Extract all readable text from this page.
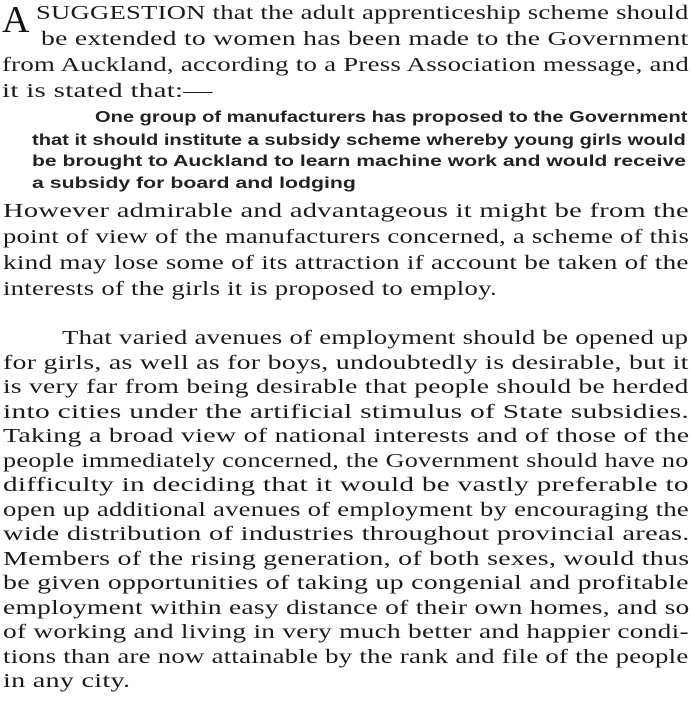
A SUGGESTION that the adult apprenticeship scheme should
be extended to women has been made to the Government
from Auckland, according to a Press Association message, and
it is stated that:—
One group of manufacturers has proposed to the Government
that it should institute a subsidy scheme whereby young girls would
be brought to Auckland to learn machine work and would receive
a subsidy for board and lodging
However admirable and advantageous it might be from the
point of view of the manufacturers concerned, a scheme of this
kind may lose some of its attraction if account be taken of the
interests of the girls it is proposed to employ.
That varied avenues of employment should be opened up
for girls, as well as for boys, undoubtedly is desirable, but it
is very far from being desirable that people should be herded
into cities under the artificial stimulus of State subsidies.
Taking a broad view of national interests and of those of the
people immediately concerned, the Government should have no
difficulty in deciding that it would be vastly preferable to
open up additional avenues of employment by encouraging the
wide distribution of industries throughout provincial areas.
Members of the rising generation, of both sexes, would thus
be given opportunities of taking up congenial and profitable
employment within easy distance of their own homes, and so
of working and living in very much better and happier condi-
tions than are now attainable by the rank and file of the people
in any city.
